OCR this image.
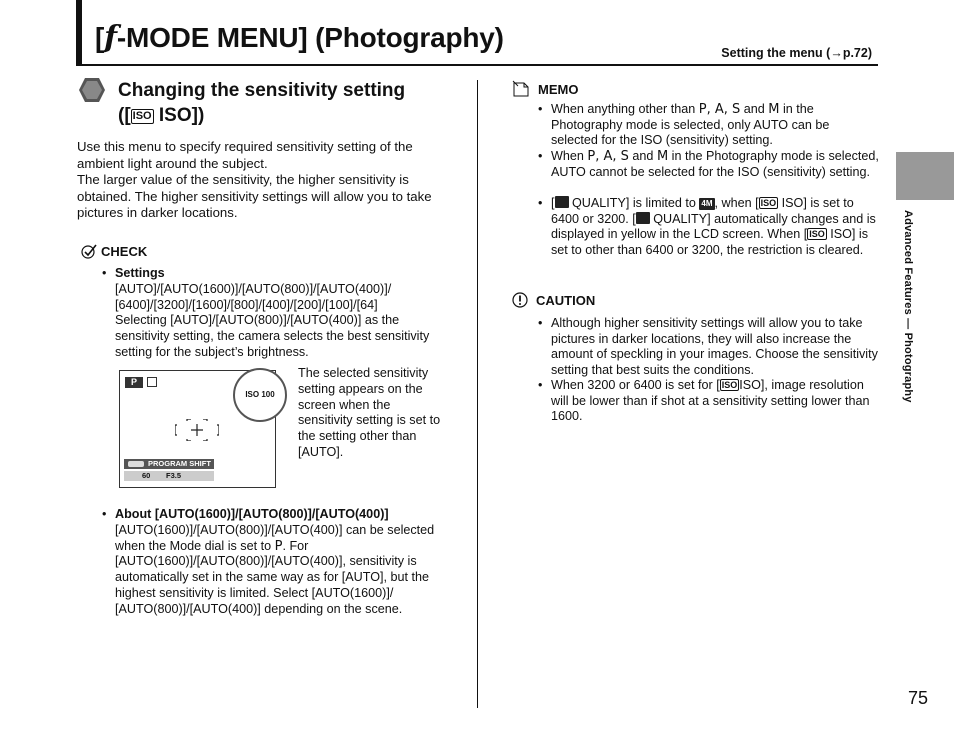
[f-MODE MENU] (Photography)	Setting the menu (→p.72)
Advanced Features — Photography
75
Changing the sensitivity setting
([ ISO ISO])

Use this menu to specify required sensitivity setting of the ambient light around the subject.

The larger value of the sensitivity, the higher sensitivity is obtained. The higher sensitivity settings will allow you to take pictures in darker locations.

CHECK
• Settings
[AUTO]/[AUTO(1600)]/[AUTO(800)]/[AUTO(400)]/ [6400]/[3200]/[1600]/[800]/[400]/[200]/[100]/[64]
Selecting [AUTO]/[AUTO(800)]/[AUTO(400)] as the sensitivity setting, the camera selects the best sensitivity setting for the subject’s brightness.
P
PROGRAM SHIFT
60 F3.5
ISO 100
The selected sensitivity setting appears on the screen when the sensitivity setting is set to the setting other than [AUTO].
• About [AUTO(1600)]/[AUTO(800)]/[AUTO(400)]
[AUTO(1600)]/[AUTO(800)]/[AUTO(400)] can be selected when the Mode dial is set to P. For [AUTO(1600)]/[AUTO(800)]/[AUTO(400)], sensitivity is automatically set in the same way as for [AUTO], but the highest sensitivity is limited. Select [AUTO(1600)]/ [AUTO(800)]/[AUTO(400)] depending on the scene.
MEMO
• When anything other than P, A, S and M in the Photography mode is selected, only AUTO can be selected for the ISO (sensitivity) setting.
• When P, A, S and M in the Photography mode is selected, AUTO cannot be selected for the ISO (sensitivity) setting.
• [ QUALITY] is limited to 4M , when [ ISO ISO] is set to 6400 or 3200. [ QUALITY] automatically changes and is displayed in yellow in the LCD screen. When [ ISO ISO] is set to other than 6400 or 3200, the restriction is cleared.
CAUTION
• Although higher sensitivity settings will allow you to take pictures in darker locations, they will also increase the amount of speckling in your images. Choose the sensitivity setting that best suits the conditions.
• When 3200 or 6400 is set for [ ISO ISO], image resolution will be lower than if shot at a sensitivity setting lower than 1600.
